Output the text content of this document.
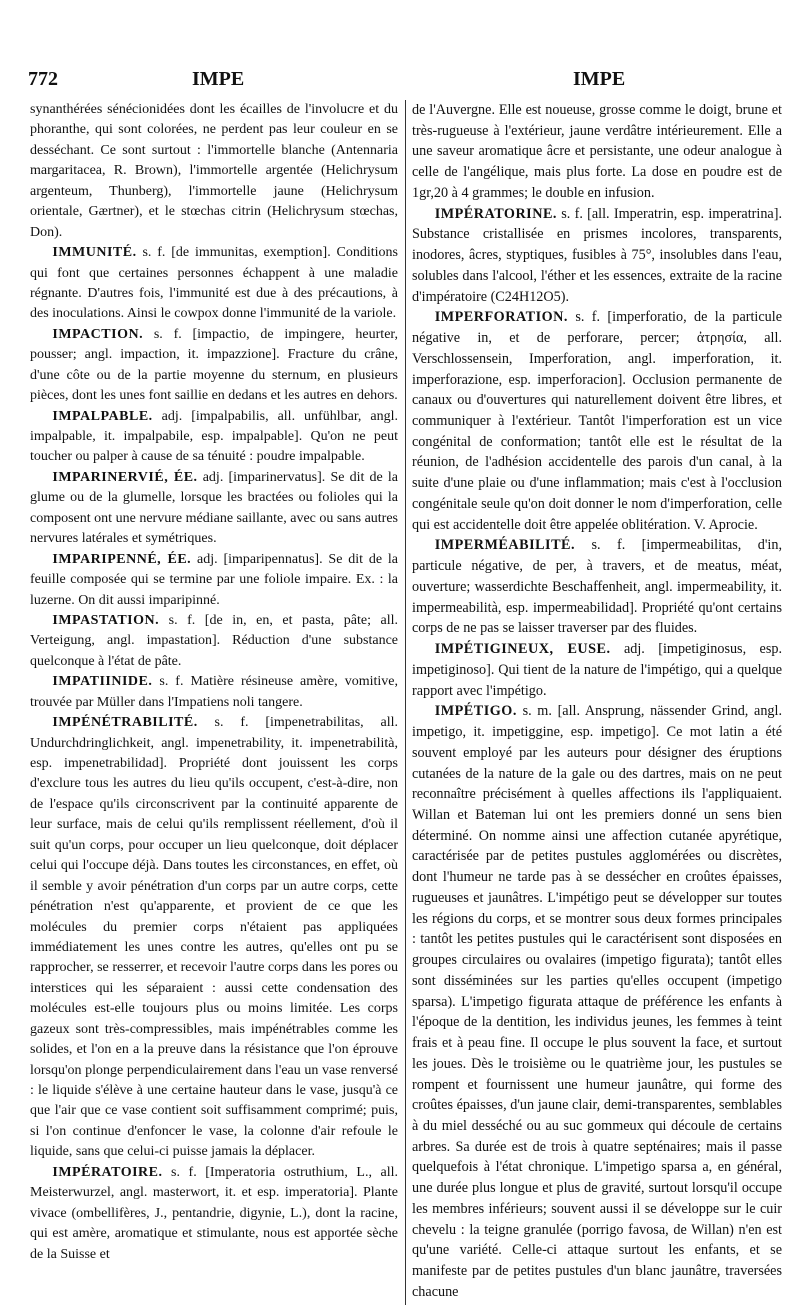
772	IMPE	IMPE

synanthérées sénécionidées dont les écailles de l'involucre et du phoranthe, qui sont colorées, ne perdent pas leur couleur en se desséchant. Ce sont surtout : l'immortelle blanche (Antennaria margaritacea, R. Brown), l'immortelle argentée (Helichrysum argenteum, Thunberg), l'immortelle jaune (Helichrysum orientale, Gærtner), et le stœchas citrin (Helichrysum stœchas, Don).

IMMUNITÉ. s. f. [de immunitas, exemption]. Conditions qui font que certaines personnes échappent à une maladie régnante. D'autres fois, l'immunité est due à des précautions, à des inoculations. Ainsi le cowpox donne l'immunité de la variole.

IMPACTION. s. f. [impactio, de impingere, heurter, pousser; angl. impaction, it. impazzione]. Fracture du crâne, d'une côte ou de la partie moyenne du sternum, en plusieurs pièces, dont les unes font saillie en dedans et les autres en dehors.

IMPALPABLE. adj. [impalpabilis, all. unfühlbar, angl. impalpable, it. impalpabile, esp. impalpable]. Qu'on ne peut toucher ou palper à cause de sa ténuité : poudre impalpable.

IMPARINERVIÉ, ÉE. adj. [imparinervatus]. Se dit de la glume ou de la glumelle, lorsque les bractées ou folioles qui la composent ont une nervure médiane saillante, avec ou sans autres nervures latérales et symétriques.

IMPARIPENNÉ, ÉE. adj. [imparipennatus]. Se dit de la feuille composée qui se termine par une foliole impaire. Ex. : la luzerne. On dit aussi imparipinné.

IMPASTATION. s. f. [de in, en, et pasta, pâte; all. Verteigung, angl. impastation]. Réduction d'une substance quelconque à l'état de pâte.

IMPATIINIDE. s. f. Matière résineuse amère, vomitive, trouvée par Müller dans l'Impatiens noli tangere.

IMPÉNÉTRABILITÉ. s. f. [impenetrabilitas, all. Undurchdringlichkeit, angl. impenetrability, it. impenetrabilità, esp. impenetrabilidad]. Propriété dont jouissent les corps d'exclure tous les autres du lieu qu'ils occupent, c'est-à-dire, non de l'espace qu'ils circonscrivent par la continuité apparente de leur surface, mais de celui qu'ils remplissent réellement, d'où il suit qu'un corps, pour occuper un lieu quelconque, doit déplacer celui qui l'occupe déjà. Dans toutes les circonstances, en effet, où il semble y avoir pénétration d'un corps par un autre corps, cette pénétration n'est qu'apparente, et provient de ce que les molécules du premier corps n'étaient pas appliquées immédiatement les unes contre les autres, qu'elles ont pu se rapprocher, se resserrer, et recevoir l'autre corps dans les pores ou interstices qui les séparaient : aussi cette condensation des molécules est-elle toujours plus ou moins limitée. Les corps gazeux sont très-compressibles, mais impénétrables comme les solides, et l'on en a la preuve dans la résistance que l'on éprouve lorsqu'on plonge perpendiculairement dans l'eau un vase renversé : le liquide s'élève à une certaine hauteur dans le vase, jusqu'à ce que l'air que ce vase contient soit suffisamment comprimé; puis, si l'on continue d'enfoncer le vase, la colonne d'air refoule le liquide, sans que celui-ci puisse jamais la déplacer.

IMPÉRATOIRE. s. f. [Imperatoria ostruthium, L., all. Meisterwurzel, angl. masterwort, it. et esp. imperatoria]. Plante vivace (ombellifères, J., pentandrie, digynie, L.), dont la racine, qui est amère, aromatique et stimulante, nous est apportée sèche de la Suisse et

de l'Auvergne. Elle est noueuse, grosse comme le doigt, brune et très-rugueuse à l'extérieur, jaune verdâtre intérieurement. Elle a une saveur aromatique âcre et persistante, une odeur analogue à celle de l'angélique, mais plus forte. La dose en poudre est de 1gr,20 à 4 grammes; le double en infusion.

IMPÉRATORINE. s. f. [all. Imperatrin, esp. imperatrina]. Substance cristallisée en prismes incolores, transparents, inodores, âcres, styptiques, fusibles à 75°, insolubles dans l'eau, solubles dans l'alcool, l'éther et les essences, extraite de la racine d'impératoire (C24H12O5).

IMPERFORATION. s. f. [imperforatio, de la particule négative in, et de perforare, percer; ἀτρησία, all. Verschlossensein, Imperforation, angl. imperforation, it. imperforazione, esp. imperforacion]. Occlusion permanente de canaux ou d'ouvertures qui naturellement doivent être libres, et communiquer à l'extérieur. Tantôt l'imperforation est un vice congénital de conformation; tantôt elle est le résultat de la réunion, de l'adhésion accidentelle des parois d'un canal, à la suite d'une plaie ou d'une inflammation; mais c'est à l'occlusion congénitale seule qu'on doit donner le nom d'imperforation, celle qui est accidentelle doit être appelée oblitération. V. Aprocie.

IMPERMÉABILITÉ. s. f. [impermeabilitas, d'in, particule négative, de per, à travers, et de meatus, méat, ouverture; wasserdichte Beschaffenheit, angl. impermeability, it. impermeabilità, esp. impermeabilidad]. Propriété qu'ont certains corps de ne pas se laisser traverser par des fluides.

IMPÉTIGINEUX, EUSE. adj. [impetiginosus, esp. impetiginoso]. Qui tient de la nature de l'impétigo, qui a quelque rapport avec l'impétigo.

IMPÉTIGO. s. m. [all. Ansprung, nässender Grind, angl. impetigo, it. impetiggine, esp. impetigo]. Ce mot latin a été souvent employé par les auteurs pour désigner des éruptions cutanées de la nature de la gale ou des dartres, mais on ne peut reconnaître précisément à quelles affections ils l'appliquaient. Willan et Bateman lui ont les premiers donné un sens bien déterminé. On nomme ainsi une affection cutanée apyrétique, caractérisée par de petites pustules agglomérées ou discrètes, dont l'humeur ne tarde pas à se dessécher en croûtes épaisses, rugueuses et jaunâtres. L'impétigo peut se développer sur toutes les régions du corps, et se montrer sous deux formes principales : tantôt les petites pustules qui le caractérisent sont disposées en groupes circulaires ou ovalaires (impetigo figurata); tantôt elles sont disséminées sur les parties qu'elles occupent (impetigo sparsa). L'impetigo figurata attaque de préférence les enfants à l'époque de la dentition, les individus jeunes, les femmes à teint frais et à peau fine. Il occupe le plus souvent la face, et surtout les joues. Dès le troisième ou le quatrième jour, les pustules se rompent et fournissent une humeur jaunâtre, qui forme des croûtes épaisses, d'un jaune clair, demi-transparentes, semblables à du miel desséché ou au suc gommeux qui découle de certains arbres. Sa durée est de trois à quatre septénaires; mais il passe quelquefois à l'état chronique. L'impetigo sparsa a, en général, une durée plus longue et plus de gravité, surtout lorsqu'il occupe les membres inférieurs; souvent aussi il se développe sur le cuir chevelu : la teigne granulée (porrigo favosa, de Willan) n'en est qu'une variété. Celle-ci attaque surtout les enfants, et se manifeste par de petites pustules d'un blanc jaunâtre, traversées chacune
